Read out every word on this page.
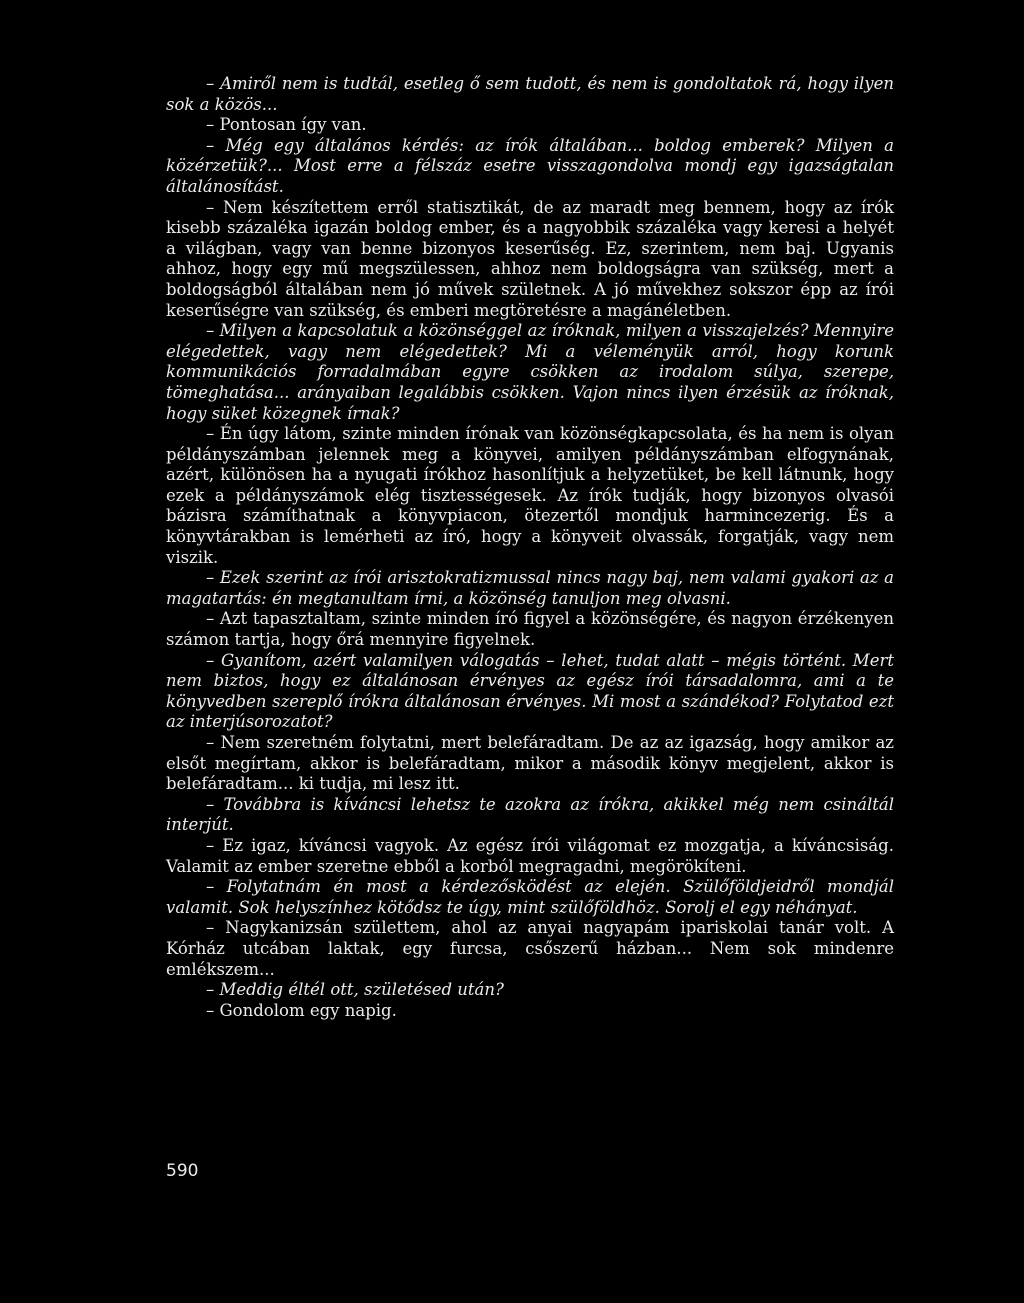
– Amiről nem is tudtál, esetleg ő sem tudott, és nem is gondoltatok rá, hogy ilyen sok a közös...

– Pontosan így van.

– Még egy általános kérdés: az írók általában... boldog emberek? Milyen a közérzetük?... Most erre a félszáz esetre visszagondolva mondj egy igazságtalan általánosítást.

– Nem készítettem erről statisztikát, de az maradt meg bennem, hogy az írók kisebb százaléka igazán boldog ember, és a nagyobbik százaléka vagy keresi a helyét a világban, vagy van benne bizonyos keserűség. Ez, szerintem, nem baj. Ugyanis ahhoz, hogy egy mű megszülessen, ahhoz nem boldogságra van szükség, mert a boldogságból általában nem jó művek születnek. A jó művekhez sokszor épp az írói keserűségre van szükség, és emberi megtöretésre a magánéletben.

– Milyen a kapcsolatuk a közönséggel az íróknak, milyen a visszajelzés? Mennyire elégedettek, vagy nem elégedettek? Mi a véleményük arról, hogy korunk kommunikációs forradalmában egyre csökken az irodalom súlya, szerepe, tömeghatása... arányaiban legalábbis csökken. Vajon nincs ilyen érzésük az íróknak, hogy süket közegnek írnak?

– Én úgy látom, szinte minden írónak van közönségkapcsolata, és ha nem is olyan példányszámban jelennek meg a könyvei, amilyen példányszámban elfogynának, azért, különösen ha a nyugati írókhoz hasonlítjuk a helyzetüket, be kell látnunk, hogy ezek a példányszámok elég tisztességesek. Az írók tudják, hogy bizonyos olvasói bázisra számíthatnak a könyvpiacon, ötezertől mondjuk harmincezerig. És a könyvtárakban is lemérheti az író, hogy a könyveit olvassák, forgatják, vagy nem viszik.

– Ezek szerint az írói arisztokratizmussal nincs nagy baj, nem valami gyakori az a magatartás: én megtanultam írni, a közönség tanuljon meg olvasni.

– Azt tapasztaltam, szinte minden író figyel a közönségére, és nagyon érzékenyen számon tartja, hogy őrá mennyire figyelnek.

– Gyanítom, azért valamilyen válogatás – lehet, tudat alatt – mégis történt. Mert nem biztos, hogy ez általánosan érvényes az egész írói társadalomra, ami a te könyvedben szereplő írókra általánosan érvényes. Mi most a szándékod? Folytatod ezt az interjúsorozatot?

– Nem szeretném folytatni, mert belefáradtam. De az az igazság, hogy amikor az elsőt megírtam, akkor is belefáradtam, mikor a második könyv megjelent, akkor is belefáradtam... ki tudja, mi lesz itt.

– Továbbra is kíváncsi lehetsz te azokra az írókra, akikkel még nem csináltál interjút.

– Ez igaz, kíváncsi vagyok. Az egész írói világomat ez mozgatja, a kíváncsiság. Valamit az ember szeretne ebből a korból megragadni, megörökíteni.

– Folytatnám én most a kérdezősködést az elején. Szülőföldjeidről mondjál valamit. Sok helyszínhez kötődsz te úgy, mint szülőföldhöz. Sorolj el egy néhányat.

– Nagykanizsán születtem, ahol az anyai nagyapám ipariskolai tanár volt. A Kórház utcában laktak, egy furcsa, csőszerű házban... Nem sok mindenre emlékszem...

– Meddig éltél ott, születésed után?

– Gondolom egy napig.

590
